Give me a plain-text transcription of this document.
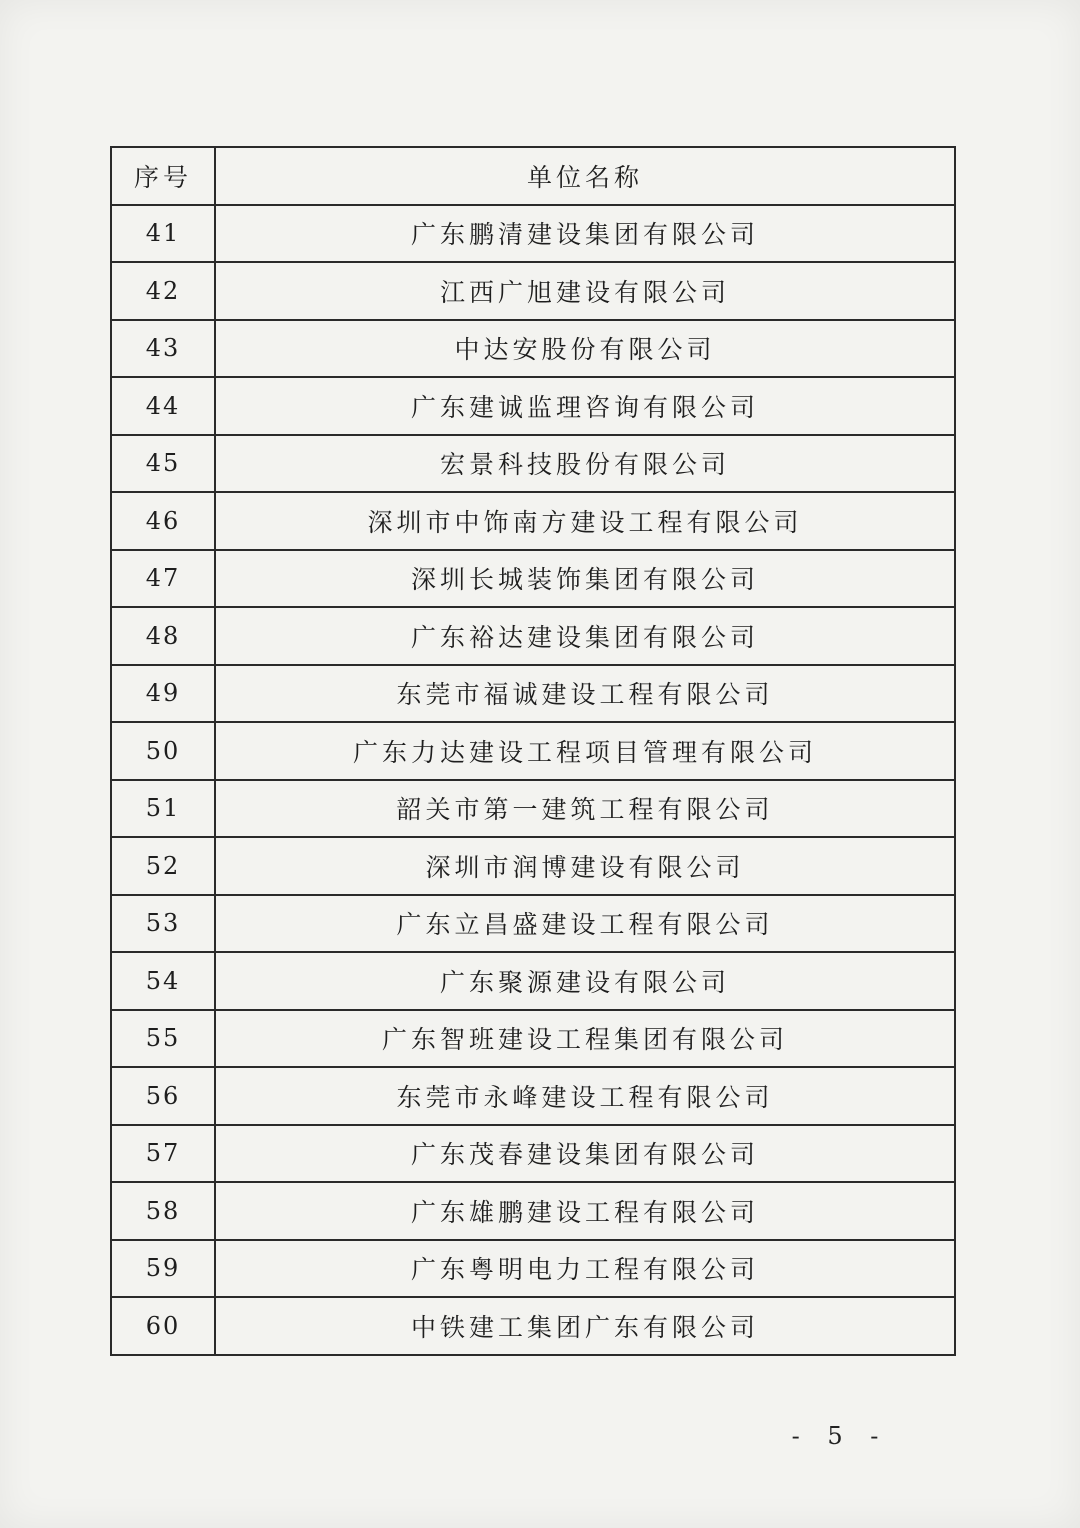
序号	单位名称
41	广东鹏清建设集团有限公司
42	江西广旭建设有限公司
43	中达安股份有限公司
44	广东建诚监理咨询有限公司
45	宏景科技股份有限公司
46	深圳市中饰南方建设工程有限公司
47	深圳长城装饰集团有限公司
48	广东裕达建设集团有限公司
49	东莞市福诚建设工程有限公司
50	广东力达建设工程项目管理有限公司
51	韶关市第一建筑工程有限公司
52	深圳市润博建设有限公司
53	广东立昌盛建设工程有限公司
54	广东聚源建设有限公司
55	广东智班建设工程集团有限公司
56	东莞市永峰建设工程有限公司
57	广东茂春建设集团有限公司
58	广东雄鹏建设工程有限公司
59	广东粤明电力工程有限公司
60	中铁建工集团广东有限公司
- 5 -
